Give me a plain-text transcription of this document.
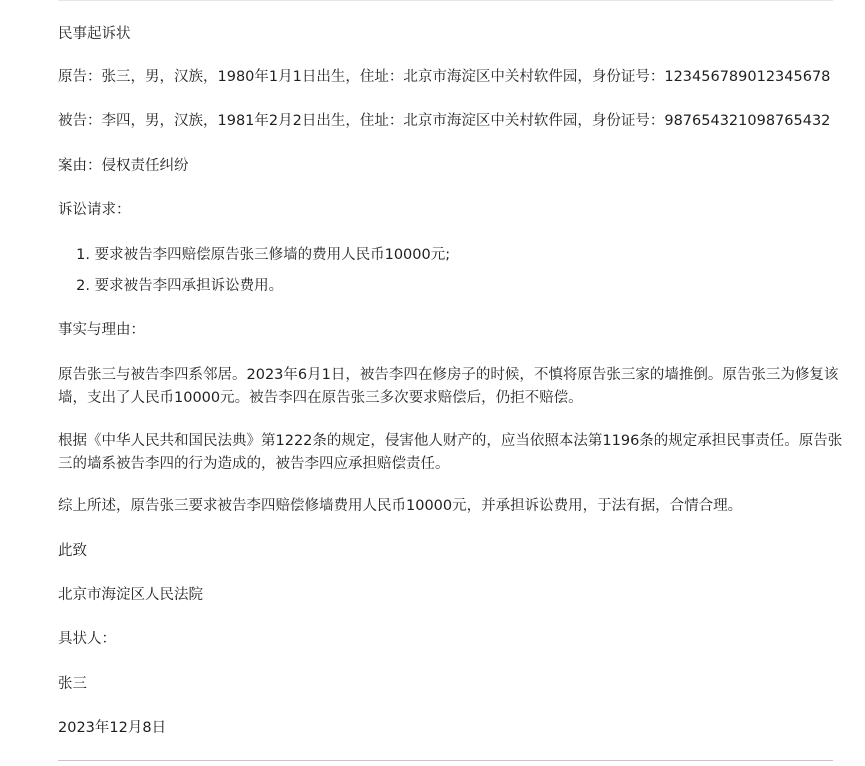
民事起诉状

原告：张三，男，汉族，1980年1月1日出生，住址：北京市海淀区中关村软件园，身份证号：123456789012345678

被告：李四，男，汉族，1981年2月2日出生，住址：北京市海淀区中关村软件园，身份证号：987654321098765432

案由：侵权责任纠纷

诉讼请求：

1. 要求被告李四赔偿原告张三修墙的费用人民币10000元;
2. 要求被告李四承担诉讼费用。

事实与理由：

原告张三与被告李四系邻居。2023年6月1日，被告李四在修房子的时候，不慎将原告张三家的墙推倒。原告张三为修复该墙，支出了人民币10000元。被告李四在原告张三多次要求赔偿后，仍拒不赔偿。

根据《中华人民共和国民法典》第1222条的规定，侵害他人财产的，应当依照本法第1196条的规定承担民事责任。原告张三的墙系被告李四的行为造成的，被告李四应承担赔偿责任。

综上所述，原告张三要求被告李四赔偿修墙费用人民币10000元，并承担诉讼费用，于法有据，合情合理。

此致

北京市海淀区人民法院

具状人：

张三

2023年12月8日
